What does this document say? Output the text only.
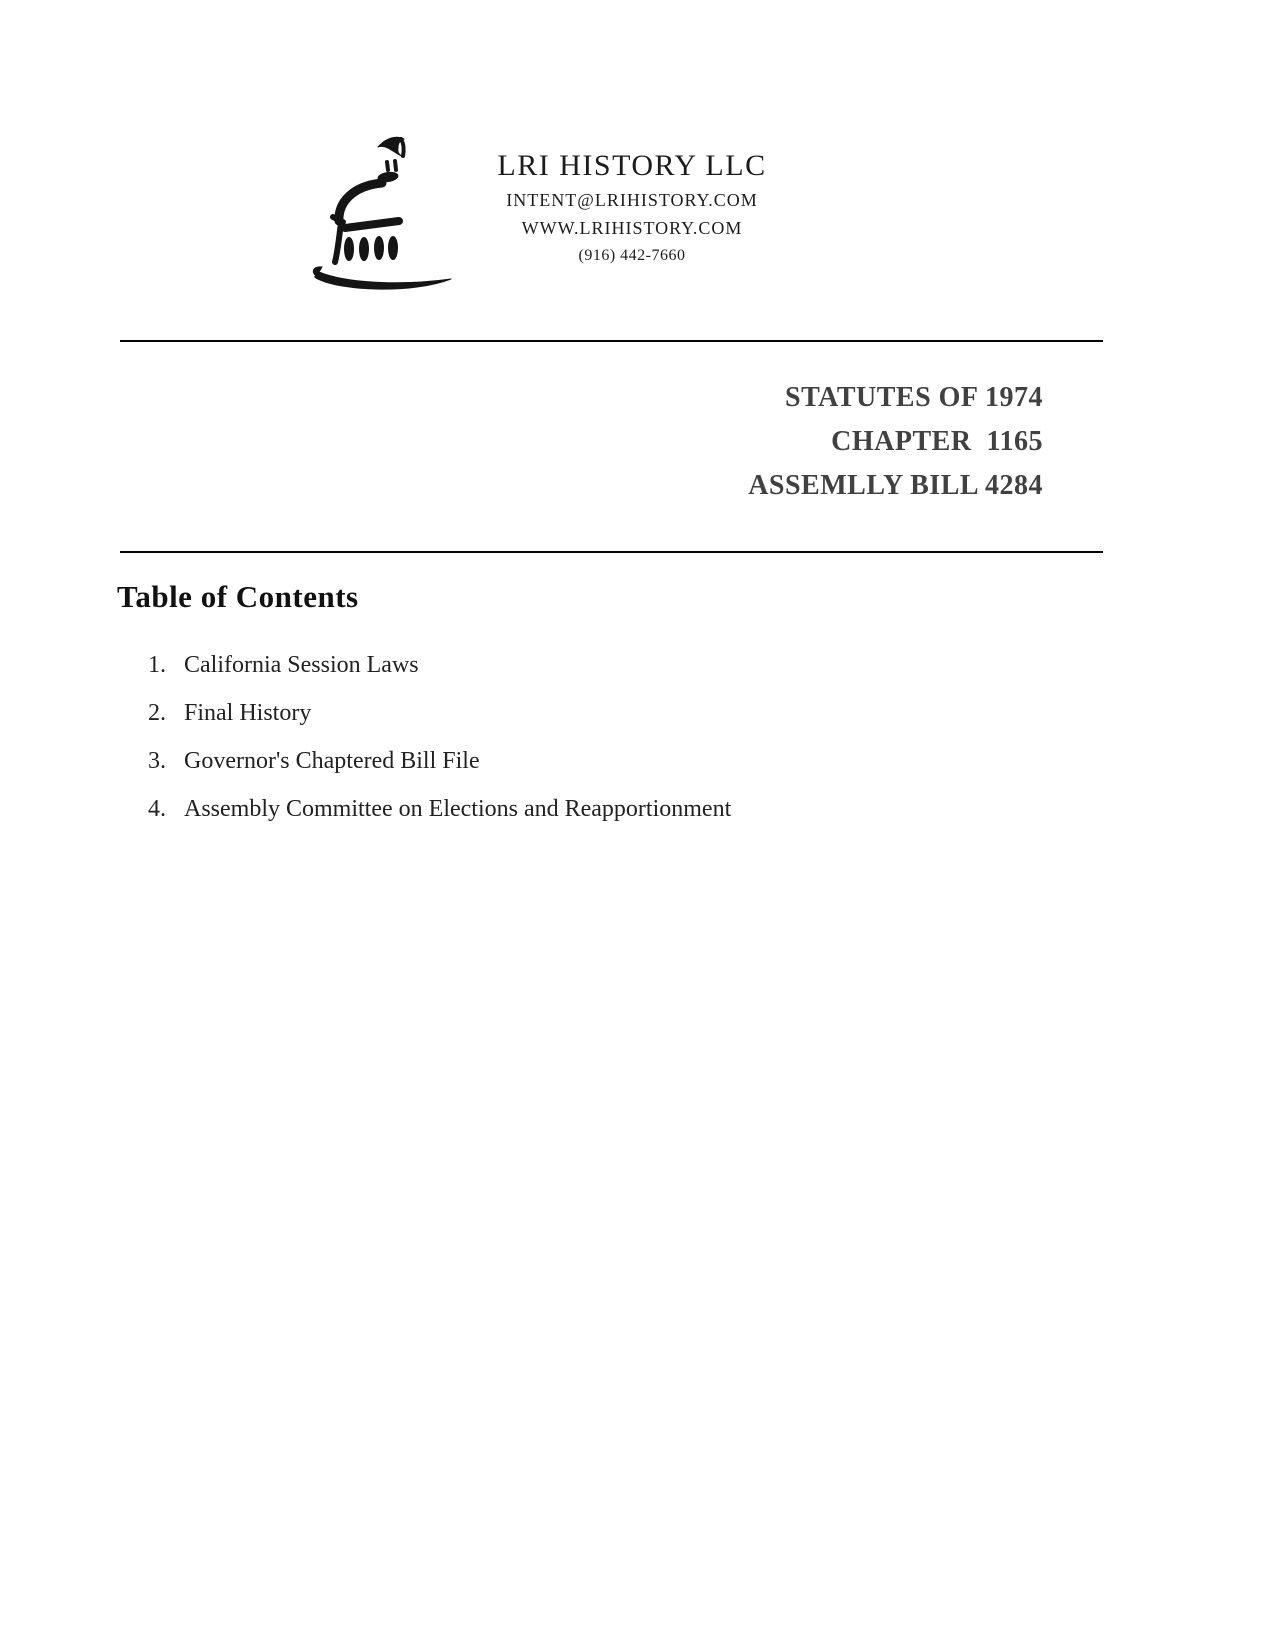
LRI HISTORY LLC
INTENT@LRIHISTORY.COM
WWW.LRIHISTORY.COM
(916) 442-7660
STATUTES OF 1974
CHAPTER  1165
ASSEMLLY BILL 4284
Table of Contents
1. California Session Laws
2. Final History
3. Governor's Chaptered Bill File
4. Assembly Committee on Elections and Reapportionment
